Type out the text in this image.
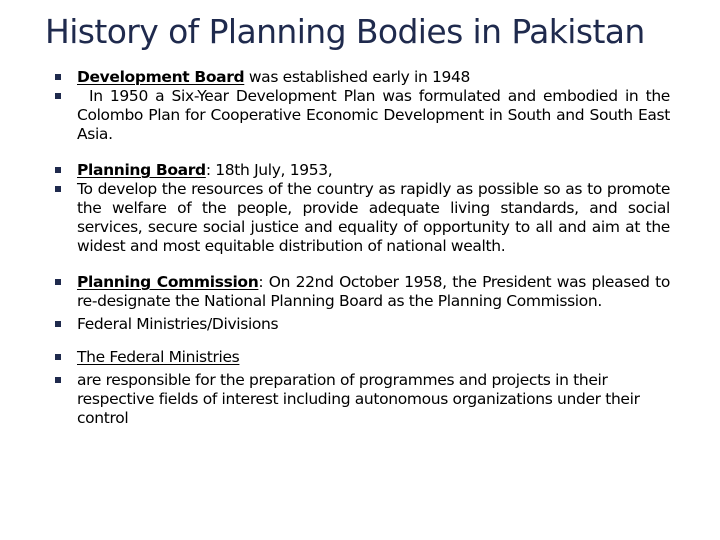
History of Planning Bodies in Pakistan
Development Board was established early in 1948
In 1950 a Six-Year Development Plan was formulated and embodied in the Colombo Plan for Cooperative Economic Development in South and South East Asia.
Planning Board: 18th July, 1953,
To develop the resources of the country as rapidly as possible so as to promote the welfare of the people, provide adequate living standards, and social services, secure social justice and equality of opportunity to all and aim at the widest and most equitable distribution of national wealth.
Planning Commission: On 22nd October 1958, the President was pleased to re-designate the National Planning Board as the Planning Commission.
Federal Ministries/Divisions
The Federal Ministries
are responsible for the preparation of programmes and projects in their respective fields of interest including autonomous organizations under their control
